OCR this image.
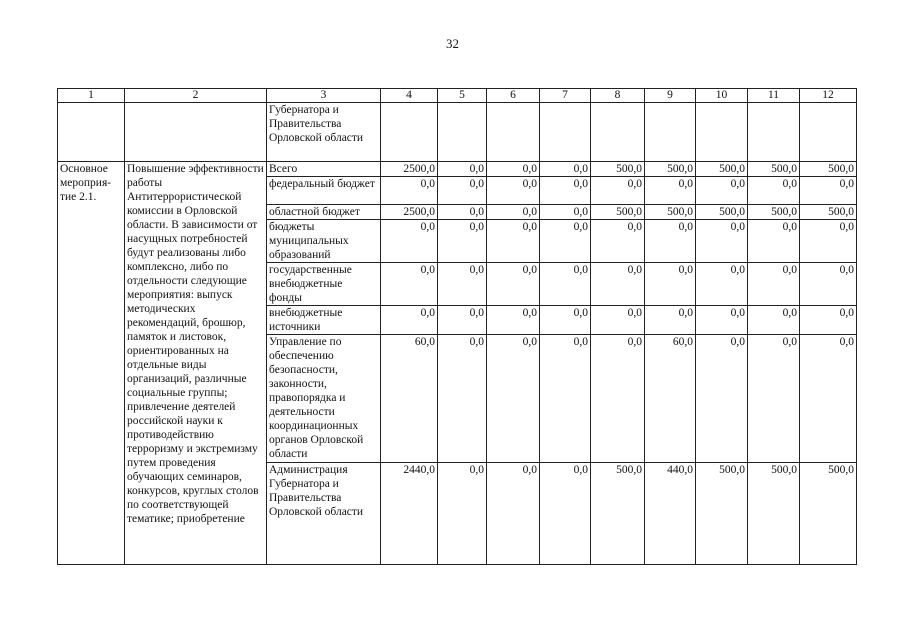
32
1	2	3	4	5	6	7	8	9	10	11	12
		Губернатора и Правительства Орловской области									
Основное мероприя-тие 2.1.	Повышение эффективности работы Антитеррористической комиссии в Орловской области. В зависимости от насущных потребностей будут реализованы либо комплексно, либо по отдельности следующие мероприятия: выпуск методических рекомендаций, брошюр, памяток и листовок, ориентированных на отдельные виды организаций, различные социальные группы; привлечение деятелей российской науки к противодействию терроризму и экстремизму путем проведения обучающих семинаров, конкурсов, круглых столов по соответствующей тематике; приобретение	Всего	2500,0	0,0	0,0	0,0	500,0	500,0	500,0	500,0	500,0
		федеральный бюджет	0,0	0,0	0,0	0,0	0,0	0,0	0,0	0,0	0,0
		областной бюджет	2500,0	0,0	0,0	0,0	500,0	500,0	500,0	500,0	500,0
		бюджеты муниципальных образований	0,0	0,0	0,0	0,0	0,0	0,0	0,0	0,0	0,0
		государственные внебюджетные фонды	0,0	0,0	0,0	0,0	0,0	0,0	0,0	0,0	0,0
		внебюджетные источники	0,0	0,0	0,0	0,0	0,0	0,0	0,0	0,0	0,0
		Управление по обеспечению безопасности, законности, правопорядка и деятельности координационных органов Орловской области	60,0	0,0	0,0	0,0	0,0	60,0	0,0	0,0	0,0
		Администрация Губернатора и Правительства Орловской области	2440,0	0,0	0,0	0,0	500,0	440,0	500,0	500,0	500,0
